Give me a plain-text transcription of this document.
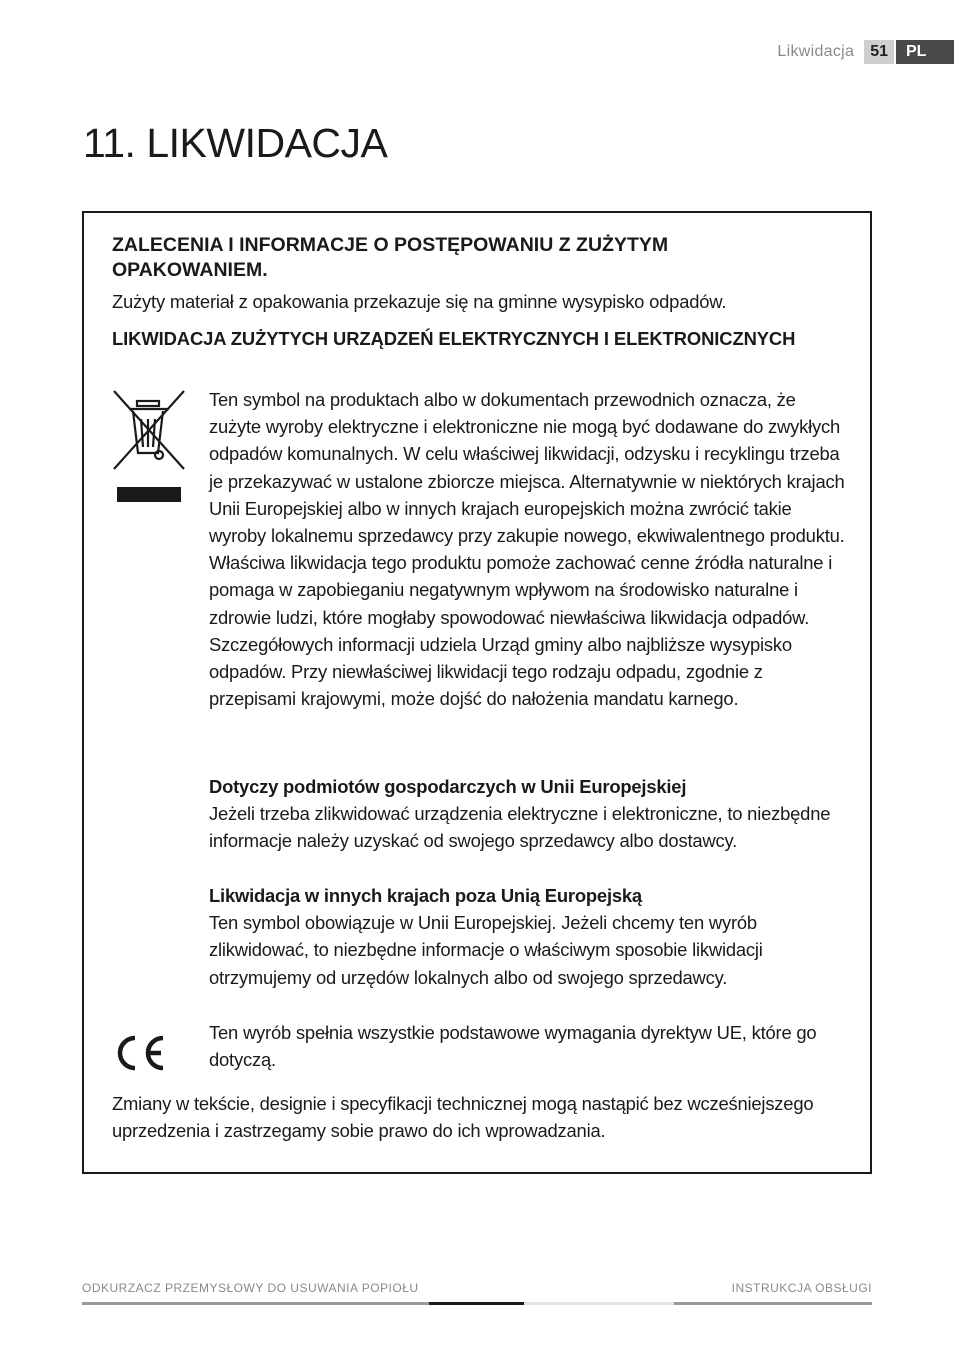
Likwidacja	51	PL
11. LIKWIDACJA
ZALECENIA I INFORMACJE O POSTĘPOWANIU Z ZUŻYTYM OPAKOWANIEM.

Zużyty materiał z opakowania przekazuje się na gminne wysypisko odpadów.

LIKWIDACJA ZUŻYTYCH URZĄDZEŃ ELEKTRYCZNYCH I ELEKTRONICZNYCH

Ten symbol na produktach albo w dokumentach przewodnich oznacza, że zużyte wyroby elektryczne i elektroniczne nie mogą być dodawane do zwykłych odpadów komunalnych. W celu właściwej likwidacji, odzysku i recyklingu trzeba je przekazywać w ustalone zbiorcze miejsca. Alternatywnie w niektórych krajach Unii Europejskiej albo w innych krajach europejskich można zwrócić takie wyroby lokalnemu sprzedawcy przy zakupie nowego, ekwiwalentnego produktu. Właściwa likwidacja tego produktu pomoże zachować cenne źródła naturalne i pomaga w zapobieganiu negatywnym wpływom na środowisko naturalne i zdrowie ludzi, które mogłaby spowodować niewłaściwa likwidacja odpadów. Szczegółowych informacji udziela Urząd gminy albo najbliższe wysypisko odpadów. Przy niewłaściwej likwidacji tego rodzaju odpadu, zgodnie z przepisami krajowymi, może dojść do nałożenia mandatu karnego.

Dotyczy podmiotów gospodarczych w Unii Europejskiej
Jeżeli trzeba zlikwidować urządzenia elektryczne i elektroniczne, to niezbędne informacje należy uzyskać od swojego sprzedawcy albo dostawcy.
Likwidacja w innych krajach poza Unią Europejską
Ten symbol obowiązuje w Unii Europejskiej. Jeżeli chcemy ten wyrób zlikwidować, to niezbędne informacje o właściwym sposobie likwidacji otrzymujemy od urzędów lokalnych albo od swojego sprzedawcy.

Ten wyrób spełnia wszystkie podstawowe wymagania dyrektyw UE, które go dotyczą.

Zmiany w tekście, designie i specyfikacji technicznej mogą nastąpić bez wcześniejszego uprzedzenia i zastrzegamy sobie prawo do ich wprowadzania.

ODKURZACZ PRZEMYSŁOWY DO USUWANIA POPIOŁU	INSTRUKCJA OBSŁUGI
